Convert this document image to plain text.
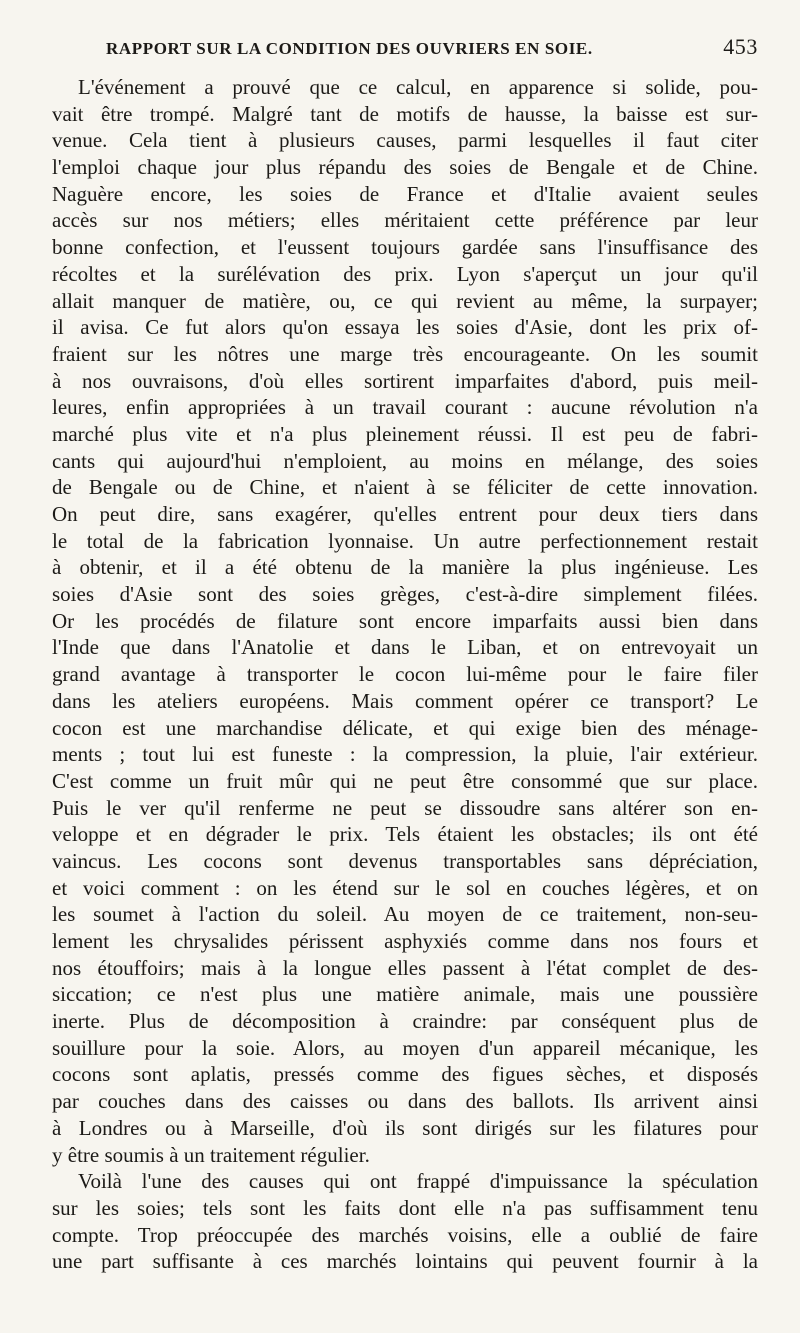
RAPPORT SUR LA CONDITION DES OUVRIERS EN SOIE.	453
L'événement a prouvé que ce calcul, en apparence si solide, pou-
vait être trompé. Malgré tant de motifs de hausse, la baisse est sur-
venue. Cela tient à plusieurs causes, parmi lesquelles il faut citer
l'emploi chaque jour plus répandu des soies de Bengale et de Chine.
Naguère encore, les soies de France et d'Italie avaient seules
accès sur nos métiers; elles méritaient cette préférence par leur
bonne confection, et l'eussent toujours gardée sans l'insuffisance des
récoltes et la surélévation des prix. Lyon s'aperçut un jour qu'il
allait manquer de matière, ou, ce qui revient au même, la surpayer;
il avisa. Ce fut alors qu'on essaya les soies d'Asie, dont les prix of-
fraient sur les nôtres une marge très encourageante. On les soumit
à nos ouvraisons, d'où elles sortirent imparfaites d'abord, puis meil-
leures, enfin appropriées à un travail courant : aucune révolution n'a
marché plus vite et n'a plus pleinement réussi. Il est peu de fabri-
cants qui aujourd'hui n'emploient, au moins en mélange, des soies
de Bengale ou de Chine, et n'aient à se féliciter de cette innovation.
On peut dire, sans exagérer, qu'elles entrent pour deux tiers dans
le total de la fabrication lyonnaise. Un autre perfectionnement restait
à obtenir, et il a été obtenu de la manière la plus ingénieuse. Les
soies d'Asie sont des soies grèges, c'est-à-dire simplement filées.
Or les procédés de filature sont encore imparfaits aussi bien dans
l'Inde que dans l'Anatolie et dans le Liban, et on entrevoyait un
grand avantage à transporter le cocon lui-même pour le faire filer
dans les ateliers européens. Mais comment opérer ce transport? Le
cocon est une marchandise délicate, et qui exige bien des ménage-
ments ; tout lui est funeste : la compression, la pluie, l'air extérieur.
C'est comme un fruit mûr qui ne peut être consommé que sur place.
Puis le ver qu'il renferme ne peut se dissoudre sans altérer son en-
veloppe et en dégrader le prix. Tels étaient les obstacles; ils ont été
vaincus. Les cocons sont devenus transportables sans dépréciation,
et voici comment : on les étend sur le sol en couches légères, et on
les soumet à l'action du soleil. Au moyen de ce traitement, non-seu-
lement les chrysalides périssent asphyxiés comme dans nos fours et
nos étouffoirs; mais à la longue elles passent à l'état complet de des-
siccation; ce n'est plus une matière animale, mais une poussière
inerte. Plus de décomposition à craindre: par conséquent plus de
souillure pour la soie. Alors, au moyen d'un appareil mécanique, les
cocons sont aplatis, pressés comme des figues sèches, et disposés
par couches dans des caisses ou dans des ballots. Ils arrivent ainsi
à Londres ou à Marseille, d'où ils sont dirigés sur les filatures pour
y être soumis à un traitement régulier.
Voilà l'une des causes qui ont frappé d'impuissance la spéculation
sur les soies; tels sont les faits dont elle n'a pas suffisamment tenu
compte. Trop préoccupée des marchés voisins, elle a oublié de faire
une part suffisante à ces marchés lointains qui peuvent fournir à la
